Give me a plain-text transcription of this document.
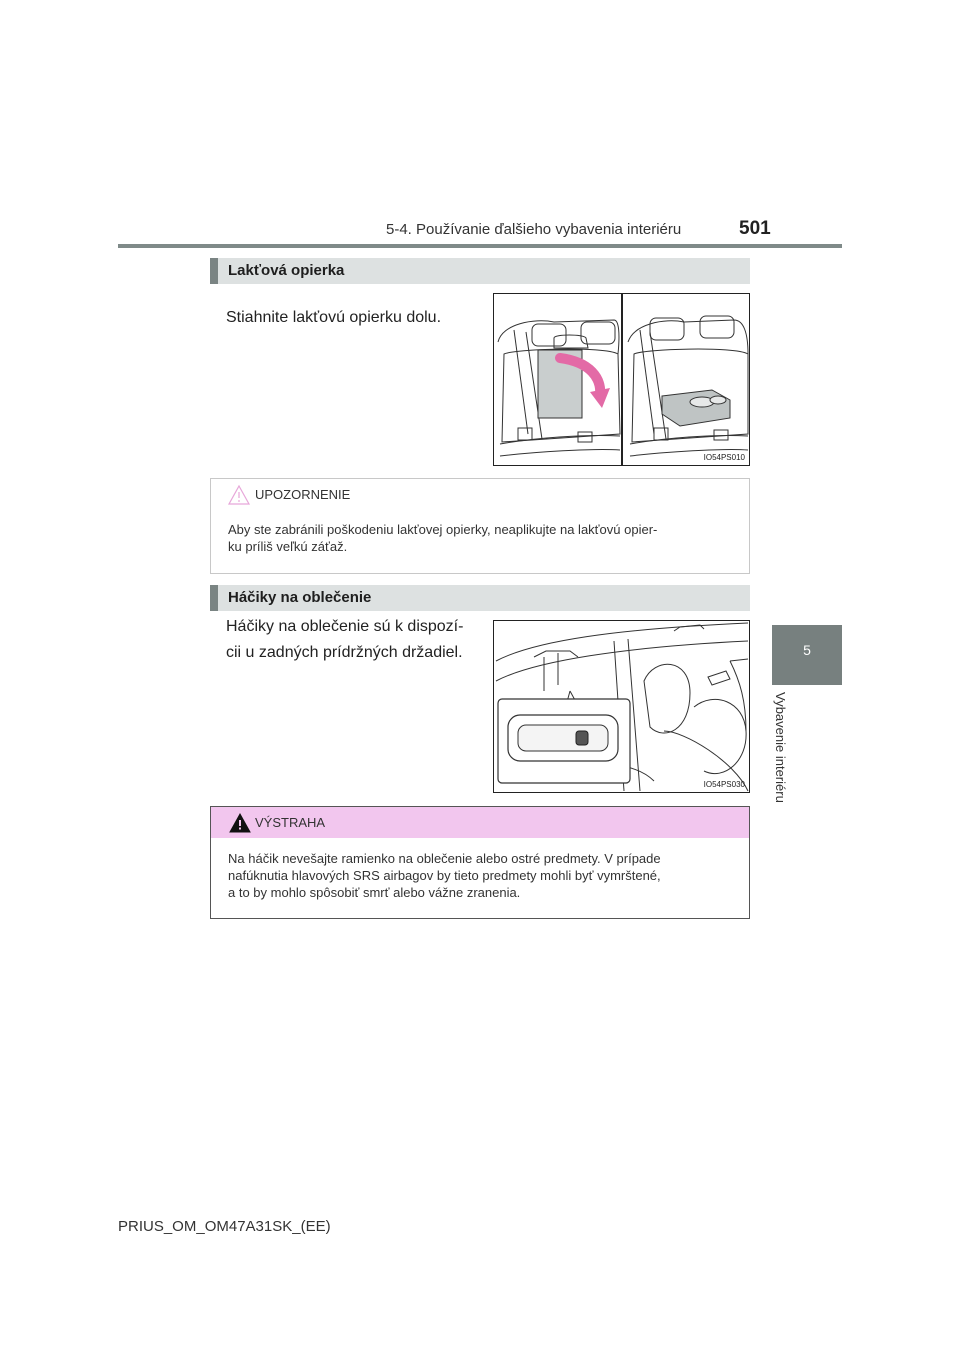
5-4. Používanie ďalšieho vybavenia interiéru	501
5
Vybavenie interiéru
Lakťová opierka
Stiahnite lakťovú opierku dolu.
IO54PS010
UPOZORNENIE
Aby ste zabránili poškodeniu lakťovej opierky, neaplikujte na lakťovú opier-
ku príliš veľkú záťaž.
Háčiky na oblečenie
Háčiky na oblečenie sú k dispozí-
cii u zadných prídržných držadiel.
IO54PS030
VÝSTRAHA
Na háčik nevešajte ramienko na oblečenie alebo ostré predmety. V prípade
nafúknutia hlavových SRS airbagov by tieto predmety mohli byť vymrštené,
a to by mohlo spôsobiť smrť alebo vážne zranenia.
PRIUS_OM_OM47A31SK_(EE)
